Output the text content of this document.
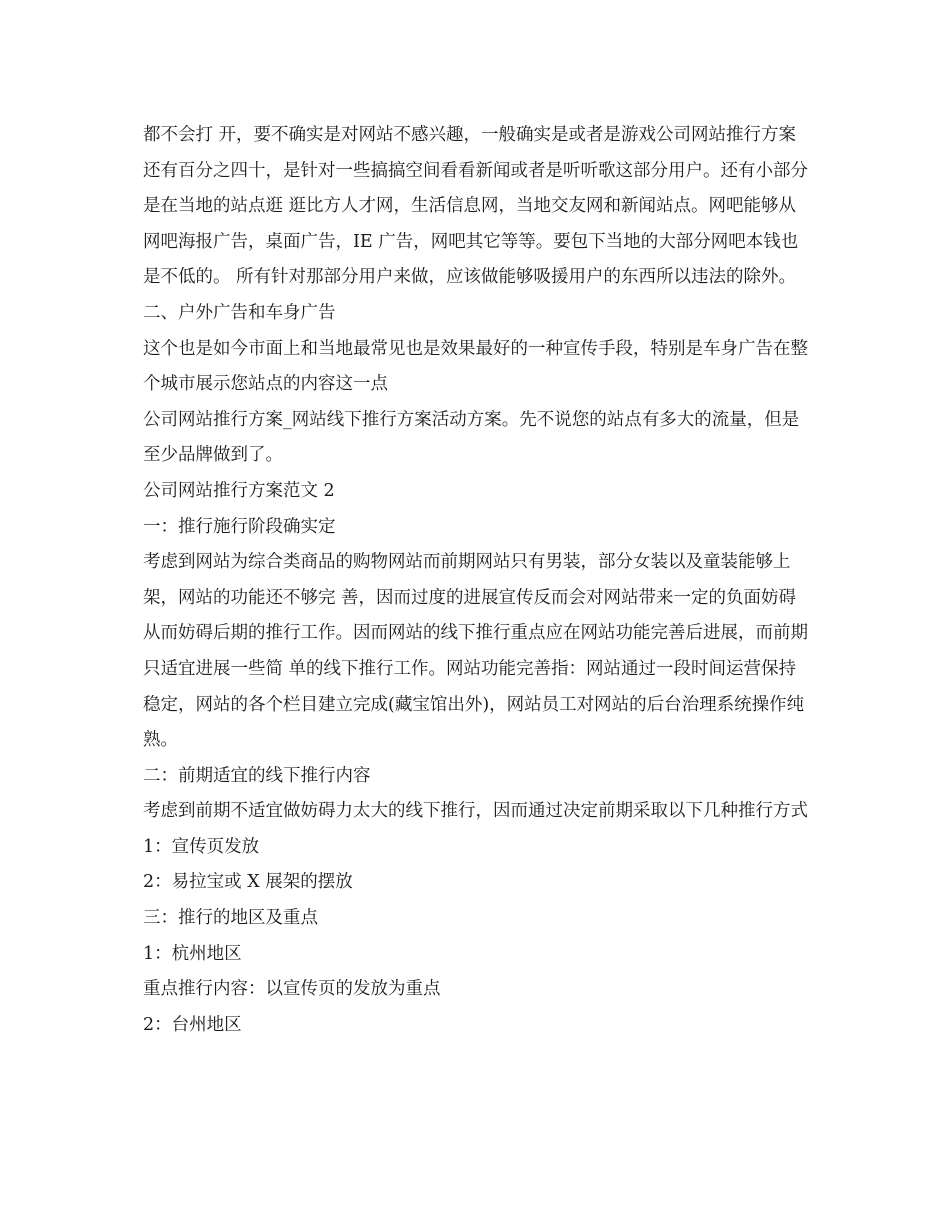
都不会打 开，要不确实是对网站不感兴趣，一般确实是或者是游戏公司网站推行方案还有百分之四十，是针对一些搞搞空间看看新闻或者是听听歌这部分用户。还有小部分是在当地的站点逛 逛比方人才网，生活信息网，当地交友网和新闻站点。网吧能够从网吧海报广告，桌面广告，IE 广告，网吧其它等等。要包下当地的大部分网吧本钱也是不低的。 所有针对那部分用户来做，应该做能够吸援用户的东西所以违法的除外。

二、户外广告和车身广告

这个也是如今市面上和当地最常见也是效果最好的一种宣传手段，特别是车身广告在整个城市展示您站点的内容这一点

公司网站推行方案_网站线下推行方案活动方案。先不说您的站点有多大的流量，但是至少品牌做到了。

公司网站推行方案范文 2

一：推行施行阶段确实定

考虑到网站为综合类商品的购物网站而前期网站只有男装，部分女装以及童装能够上架，网站的功能还不够完 善，因而过度的进展宣传反而会对网站带来一定的负面妨碍从而妨碍后期的推行工作。因而网站的线下推行重点应在网站功能完善后进展，而前期只适宜进展一些简 单的线下推行工作。网站功能完善指：网站通过一段时间运营保持稳定，网站的各个栏目建立完成(藏宝馆出外)，网站员工对网站的后台治理系统操作纯熟。

二：前期适宜的线下推行内容

考虑到前期不适宜做妨碍力太大的线下推行，因而通过决定前期采取以下几种推行方式 1：宣传页发放

2：易拉宝或 X 展架的摆放

三：推行的地区及重点

1：杭州地区

重点推行内容：以宣传页的发放为重点

2：台州地区
